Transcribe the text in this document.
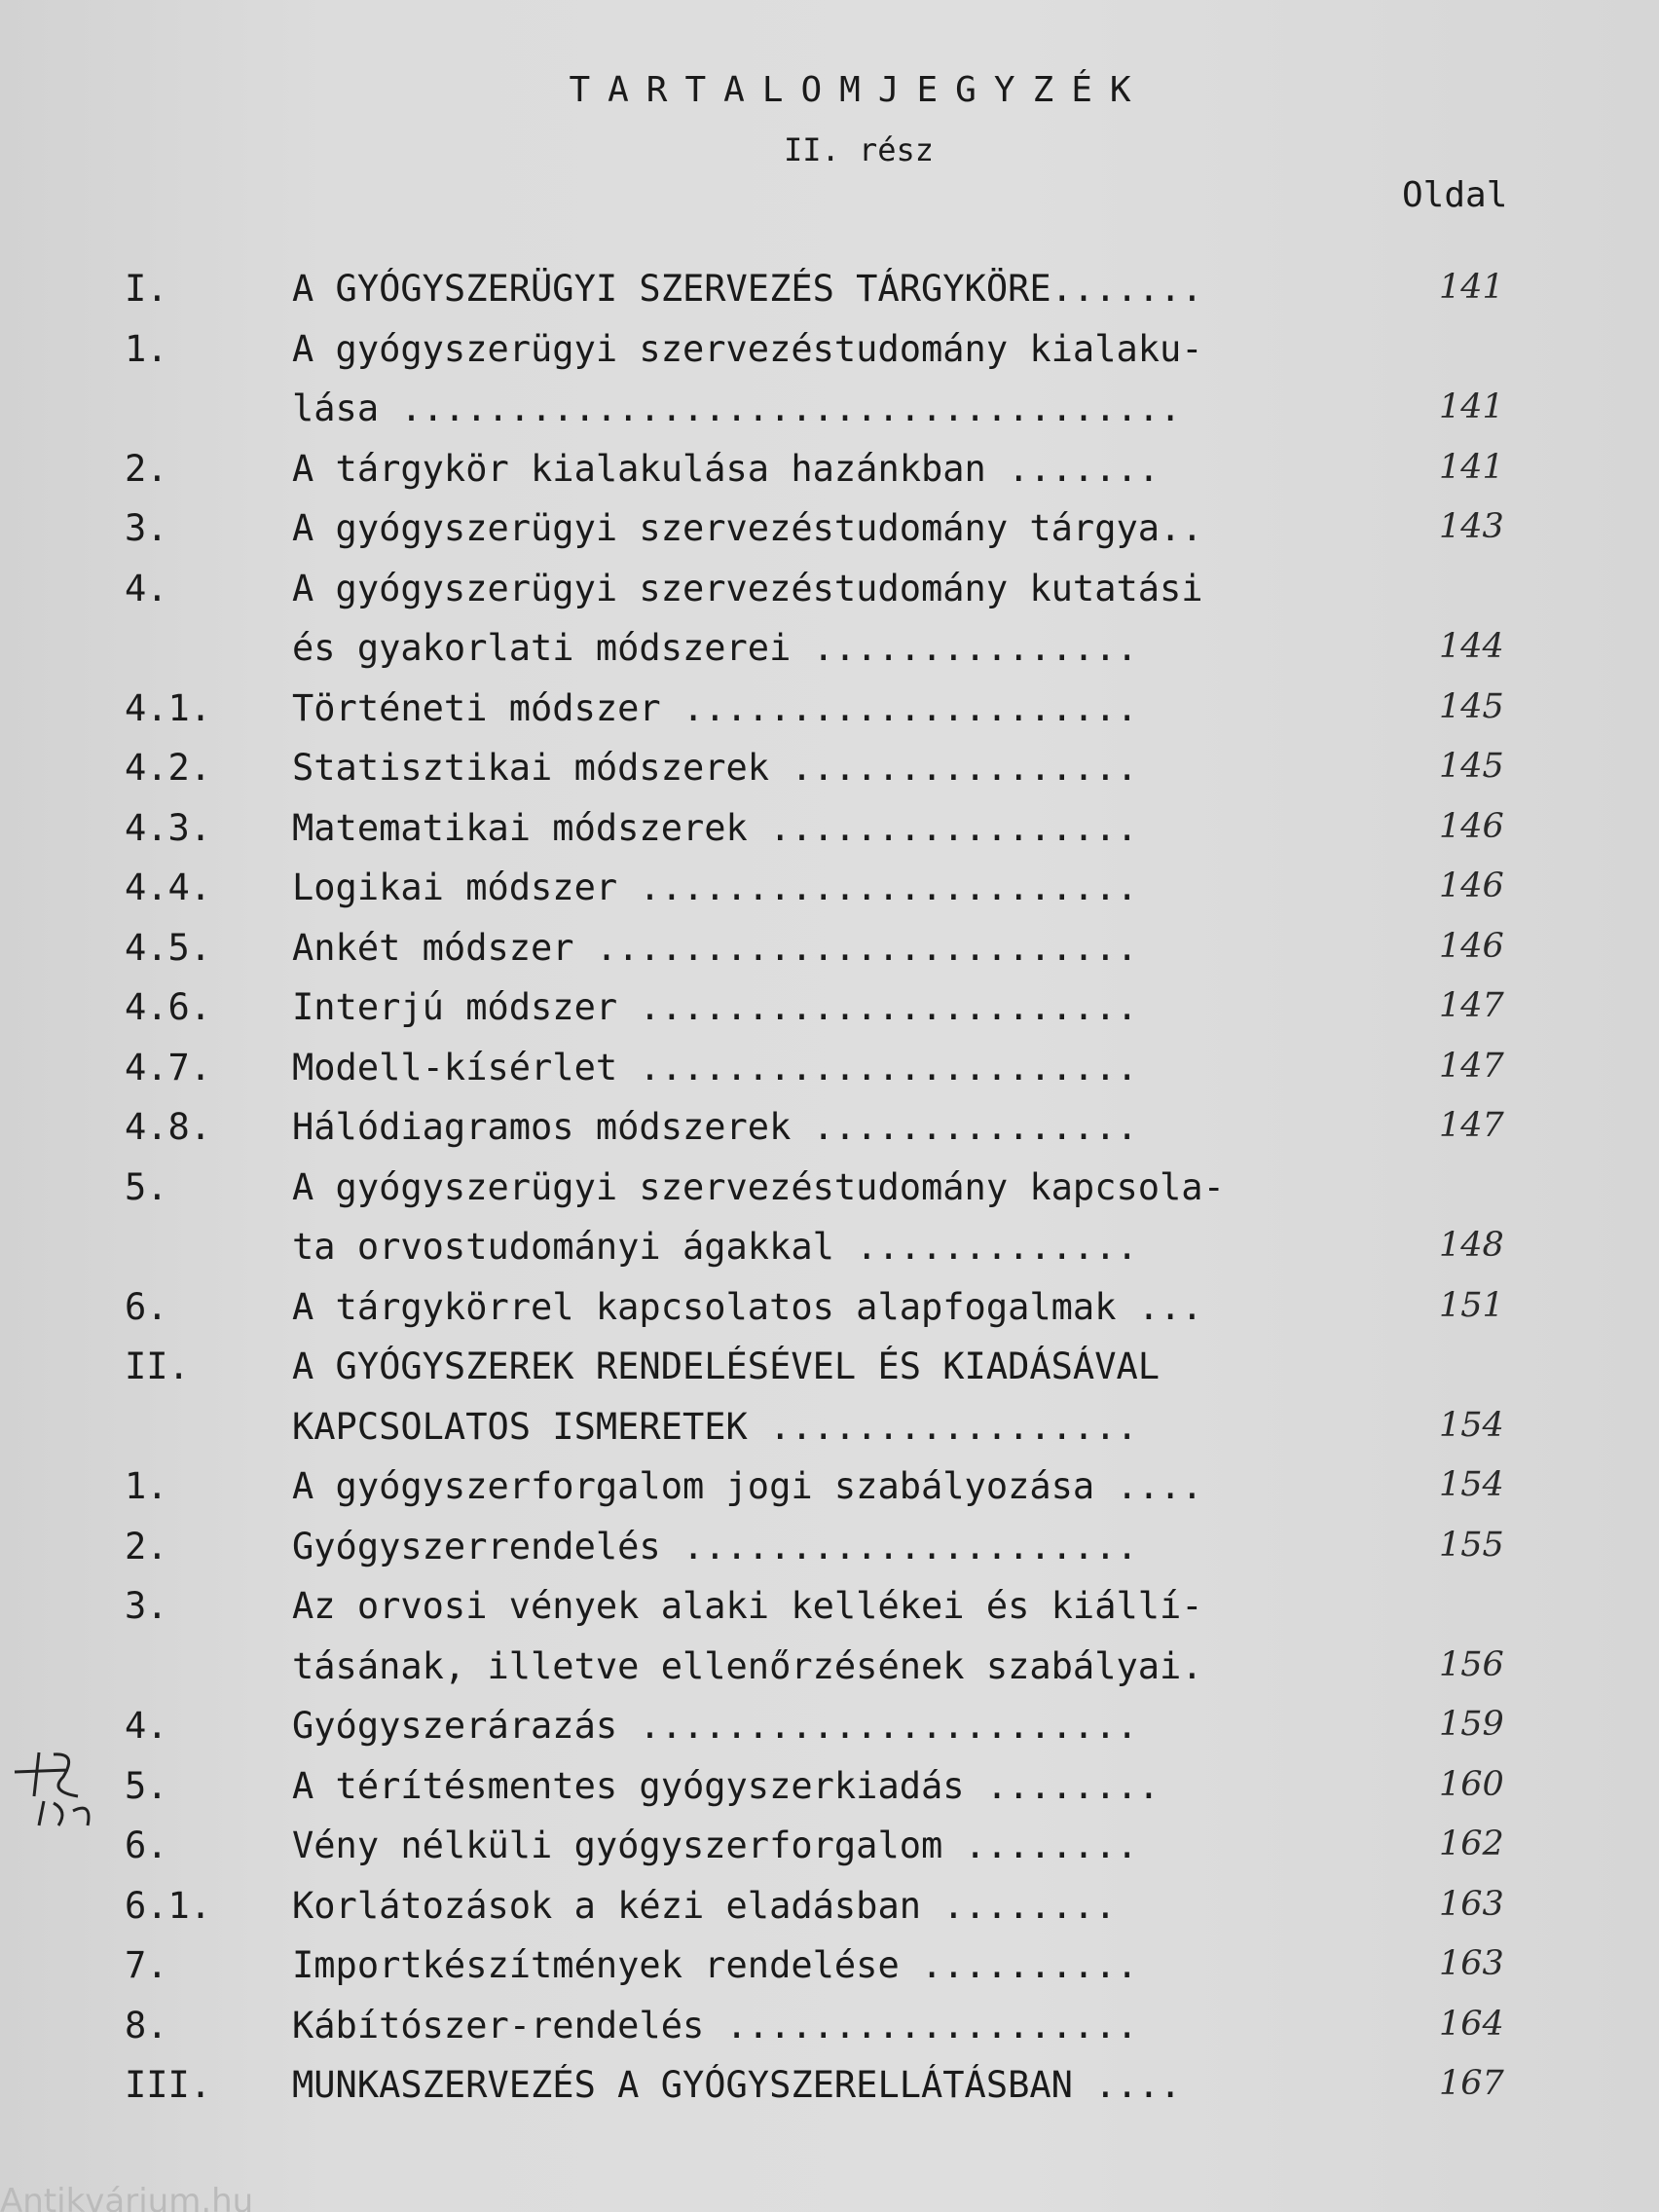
TARTALOMJEGYZÉK
II. rész
Oldal
I.	A GYÓGYSZERÜGYI SZERVEZÉS TÁRGYKÖRE.......	141
1.	A gyógyszerügyi szervezéstudomány kialaku-
lása ....................................	141
2.	A tárgykör kialakulása hazánkban .......	141
3.	A gyógyszerügyi szervezéstudomány tárgya..	143
4.	A gyógyszerügyi szervezéstudomány kutatási
és gyakorlati módszerei ...............	144
4.1. Történeti módszer .....................	145
4.2. Statisztikai módszerek ................	145
4.3. Matematikai módszerek .................	146
4.4. Logikai módszer .......................	146
4.5. Ankét módszer .........................	146
4.6. Interjú módszer .......................	147
4.7. Modell-kísérlet .......................	147
4.8. Hálódiagramos módszerek ...............	147
5.	A gyógyszerügyi szervezéstudomány kapcsola-
ta orvostudományi ágakkal .............	148
6.	A tárgykörrel kapcsolatos alapfogalmak ...	151
II.	A GYÓGYSZEREK RENDELÉSÉVEL ÉS KIADÁSÁVAL
KAPCSOLATOS ISMERETEK .................	154
1.	A gyógyszerforgalom jogi szabályozása ....	154
2.	Gyógyszerrendelés .....................	155
3.	Az orvosi vények alaki kellékei és kiállí-
tásának, illetve ellenőrzésének szabályai.	156
4.	Gyógyszerárazás .......................	159
5.	A térítésmentes gyógyszerkiadás ........	160
6.	Vény nélküli gyógyszerforgalom ........	162
6.1. Korlátozások a kézi eladásban ........	163
7.	Importkészítmények rendelése ..........	163
8.	Kábítószer-rendelés ...................	164
III. MUNKASZERVEZÉS A GYÓGYSZERELLÁTÁSBAN ....	167
Antikvárium.hu
